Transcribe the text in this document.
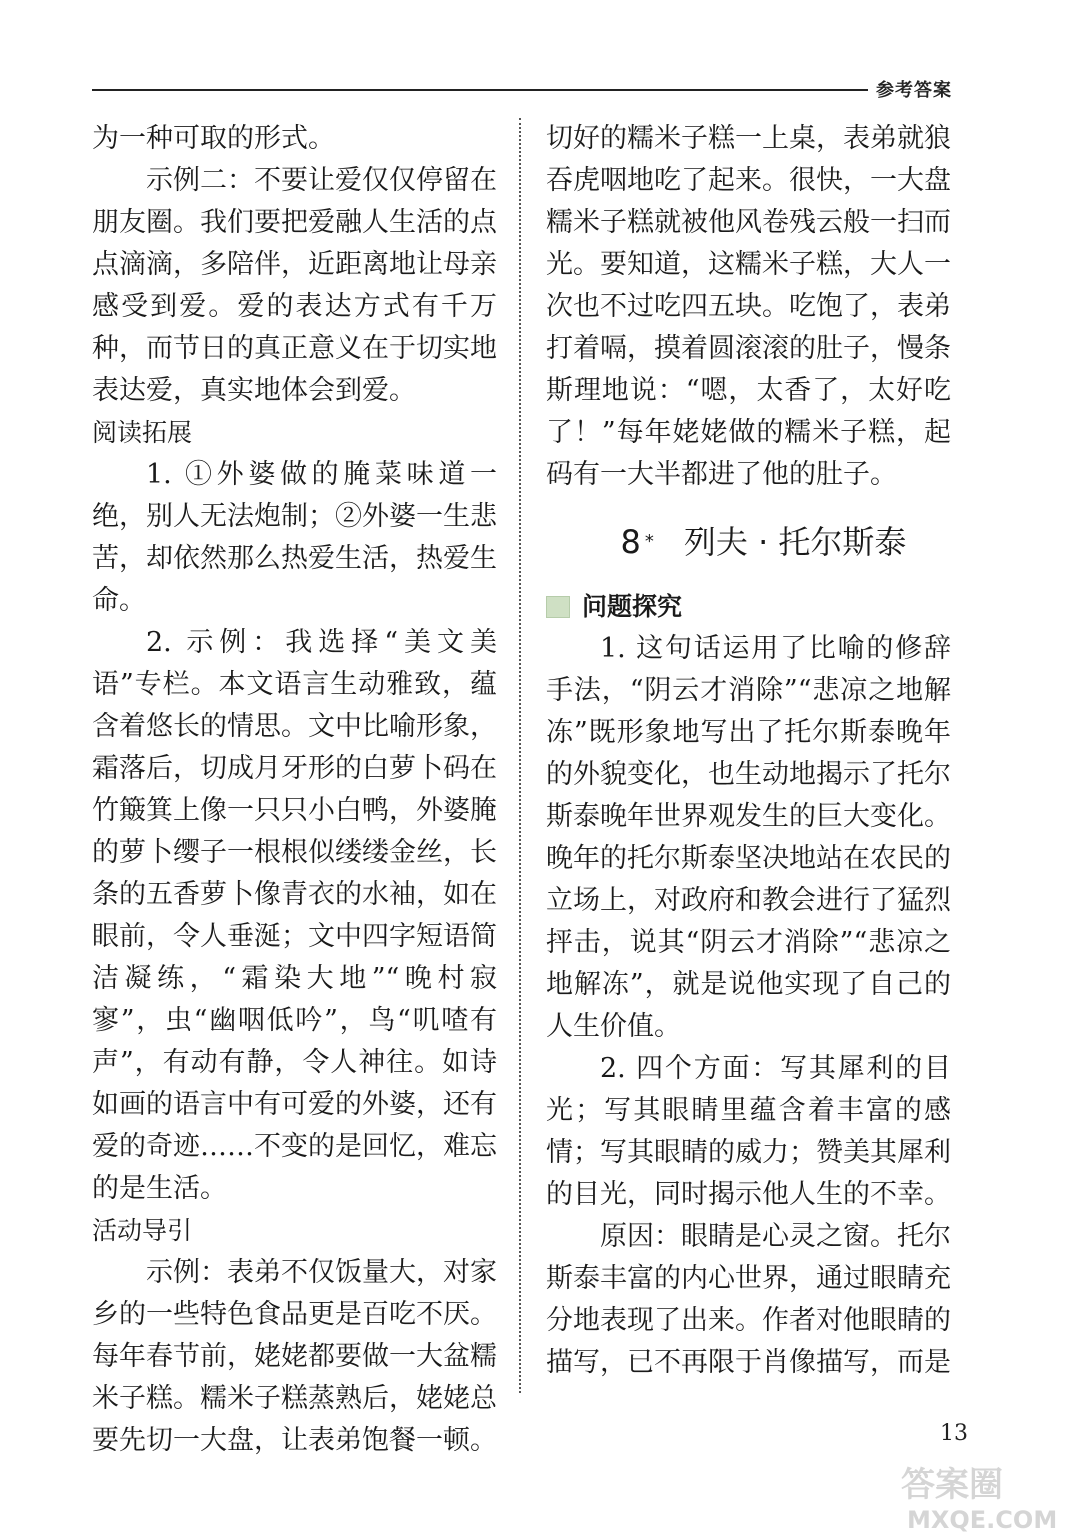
参考答案

为一种可取的形式。

示例二：不要让爱仅仅停留在朋友圈。我们要把爱融人生活的点点滴滴，多陪伴，近距离地让母亲感受到爱。爱的表达方式有千万种，而节日的真正意义在于切实地表达爱，真实地体会到爱。

阅读拓展

1. ①外婆做的腌菜味道一绝，别人无法炮制；②外婆一生悲苦，却依然那么热爱生活，热爱生命。

2. 示例：我选择“美文美语”专栏。本文语言生动雅致，蕴含着悠长的情思。文中比喻形象，霜落后，切成月牙形的白萝卜码在竹簸箕上像一只只小白鸭，外婆腌的萝卜缨子一根根似缕缕金丝，长条的五香萝卜像青衣的水袖，如在眼前，令人垂涎；文中四字短语简洁凝练，“霜染大地”“晚村寂寥”，虫“幽咽低吟”，鸟“叽喳有声”，有动有静，令人神往。如诗如画的语言中有可爱的外婆，还有爱的奇迹……不变的是回忆，难忘的是生活。

活动导引

示例：表弟不仅饭量大，对家乡的一些特色食品更是百吃不厌。每年春节前，姥姥都要做一大盆糯米子糕。糯米子糕蒸熟后，姥姥总要先切一大盘，让表弟饱餐一顿。

切好的糯米子糕一上桌，表弟就狼吞虎咽地吃了起来。很快，一大盘糯米子糕就被他风卷残云般一扫而光。要知道，这糯米子糕，大人一次也不过吃四五块。吃饱了，表弟打着嗝，摸着圆滚滚的肚子，慢条斯理地说：“嗯，太香了，太好吃了！”每年姥姥做的糯米子糕，起码有一大半都进了他的肚子。

8 * 列夫 · 托尔斯泰
问题探究

1. 这句话运用了比喻的修辞手法，“阴云才消除”“悲凉之地解冻”既形象地写出了托尔斯泰晚年的外貌变化，也生动地揭示了托尔斯泰晚年世界观发生的巨大变化。晚年的托尔斯泰坚决地站在农民的立场上，对政府和教会进行了猛烈抨击，说其“阴云才消除”“悲凉之地解冻”，就是说他实现了自己的人生价值。

2. 四个方面：写其犀利的目光；写其眼睛里蕴含着丰富的感情；写其眼睛的威力；赞美其犀利的目光，同时揭示他人生的不幸。

原因：眼睛是心灵之窗。托尔斯泰丰富的内心世界，通过眼睛充分地表现了出来。作者对他眼睛的描写，已不再限于肖像描写，而是

13
答案圈
MXQE.COM
